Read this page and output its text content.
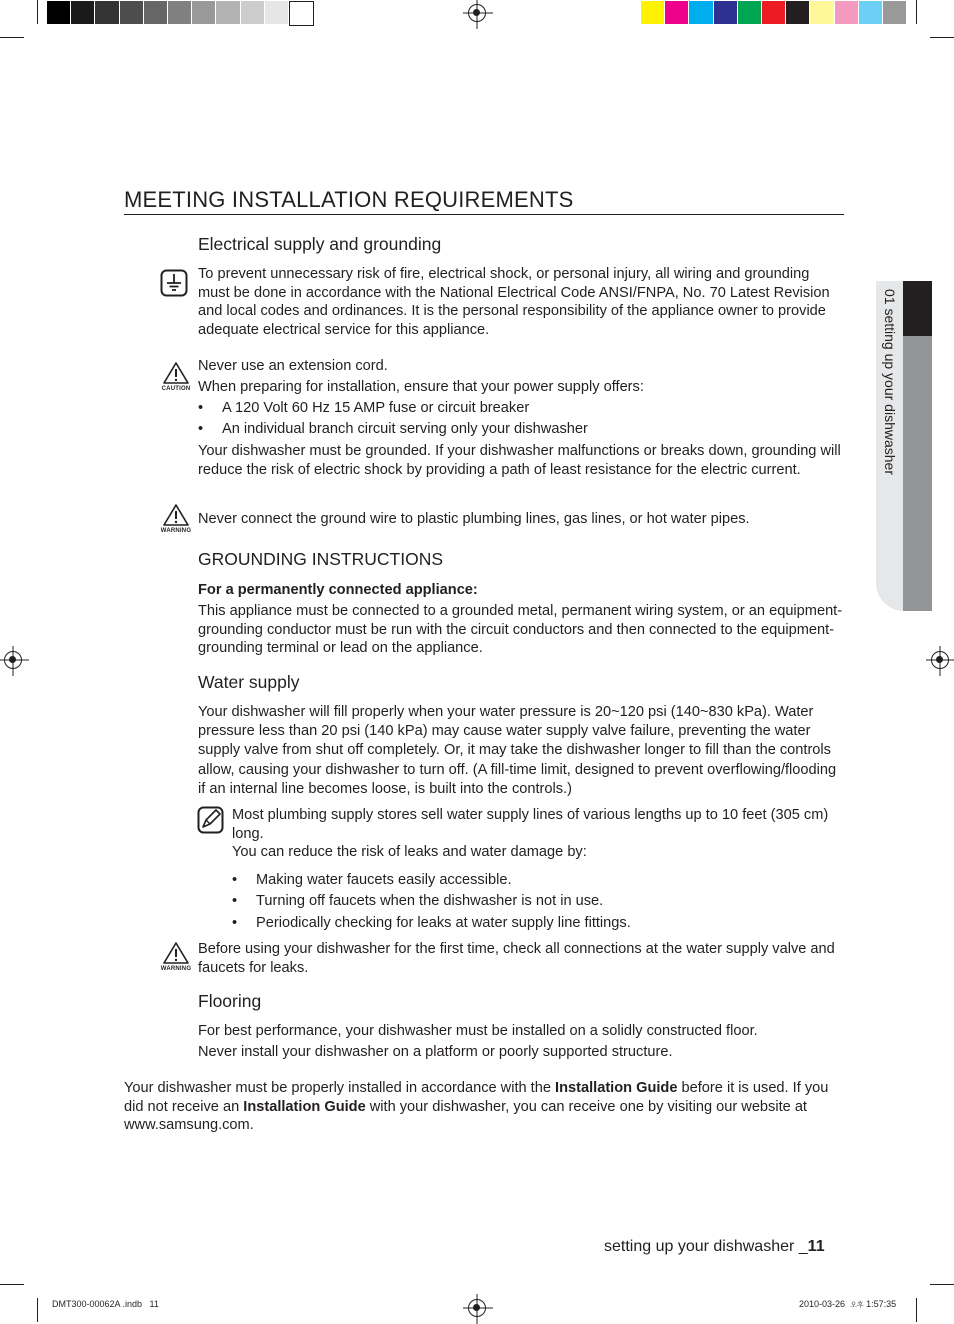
01 setting up your dishwasher
MEETING INSTALLATION REQUIREMENTS
Electrical supply and grounding

To prevent unnecessary risk of fire, electrical shock, or personal injury, all wiring and grounding must be done in accordance with the National Electrical Code ANSI/FNPA, No. 70 Latest Revision and local codes and ordinances. It is the personal responsibility of the appliance owner to provide adequate electrical service for this appliance.

CAUTION

Never use an extension cord.

When preparing for installation, ensure that your power supply offers:

• A 120 Volt 60 Hz 15 AMP fuse or circuit breaker
• An individual branch circuit serving only your dishwasher

Your dishwasher must be grounded. If your dishwasher malfunctions or breaks down, grounding will reduce the risk of electric shock by providing a path of least resistance for the electric current.

WARNING

Never connect the ground wire to plastic plumbing lines, gas lines, or hot water pipes.

GROUNDING INSTRUCTIONS

For a permanently connected appliance:

This appliance must be connected to a grounded metal, permanent wiring system, or an equipment-grounding conductor must be run with the circuit conductors and then connected to the equipment-grounding terminal or lead on the appliance.

Water supply

Your dishwasher will fill properly when your water pressure is 20~120 psi (140~830 kPa). Water pressure less than 20 psi (140 kPa) may cause water supply valve failure, preventing the water supply valve from shut off completely. Or, it may take the dishwasher longer to fill than the controls allow, causing your dishwasher to turn off. (A fill-time limit, designed to prevent overflowing/flooding if an internal line becomes loose, is built into the controls.)

Most plumbing supply stores sell water supply lines of various lengths up to 10 feet (305 cm) long.

You can reduce the risk of leaks and water damage by:

• Making water faucets easily accessible.
• Turning off faucets when the dishwasher is not in use.
• Periodically checking for leaks at water supply line fittings.
WARNING

Before using your dishwasher for the first time, check all connections at the water supply valve and faucets for leaks.

Flooring

For best performance, your dishwasher must be installed on a solidly constructed floor.

Never install your dishwasher on a platform or poorly supported structure.

Your dishwasher must be properly installed in accordance with the Installation Guide before it is used. If you did not receive an Installation Guide with your dishwasher, you can receive one by visiting our website at www.samsung.com.

setting up your dishwasher _11
DMT300-00062A .indb   11	2010-03-26 오후 1:57:35
